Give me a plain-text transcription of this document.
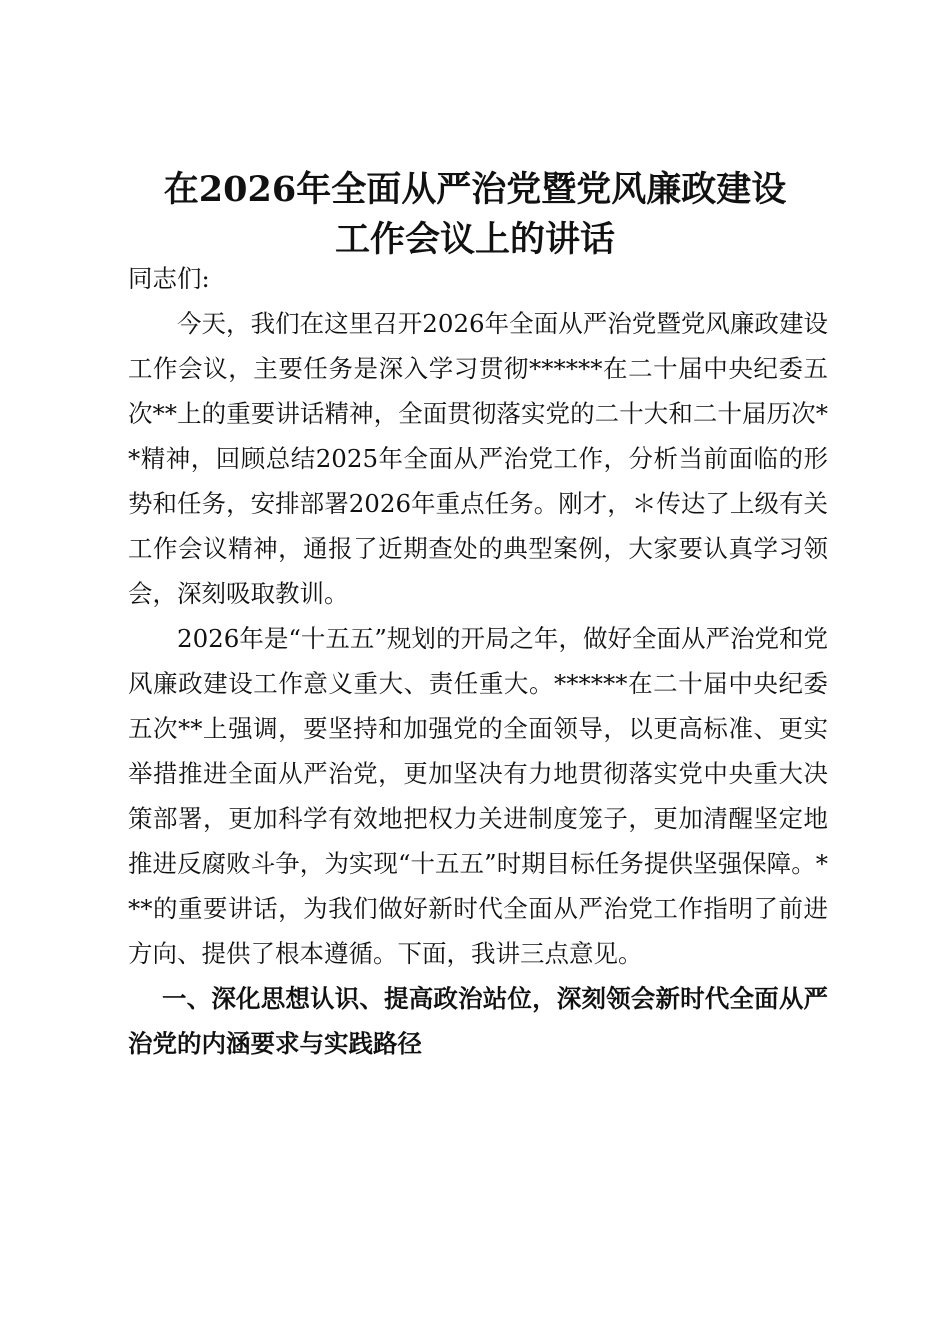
在2026年全面从严治党暨党风廉政建设
工作会议上的讲话

同志们:

今天，我们在这里召开2026年全面从严治党暨党风廉政建设工作会议，主要任务是深入学习贯彻******在二十届中央纪委五次**上的重要讲话精神，全面贯彻落实党的二十大和二十届历次**精神，回顾总结2025年全面从严治党工作，分析当前面临的形势和任务，安排部署2026年重点任务。刚才，＊传达了上级有关工作会议精神，通报了近期查处的典型案例，大家要认真学习领会，深刻吸取教训。

2026年是“十五五”规划的开局之年，做好全面从严治党和党风廉政建设工作意义重大、责任重大。******在二十届中央纪委五次**上强调，要坚持和加强党的全面领导，以更高标准、更实举措推进全面从严治党，更加坚决有力地贯彻落实党中央重大决策部署，更加科学有效地把权力关进制度笼子，更加清醒坚定地推进反腐败斗争，为实现“十五五”时期目标任务提供坚强保障。***的重要讲话，为我们做好新时代全面从严治党工作指明了前进方向、提供了根本遵循。下面，我讲三点意见。

一、深化思想认识、提高政治站位，深刻领会新时代全面从严治党的内涵要求与实践路径
